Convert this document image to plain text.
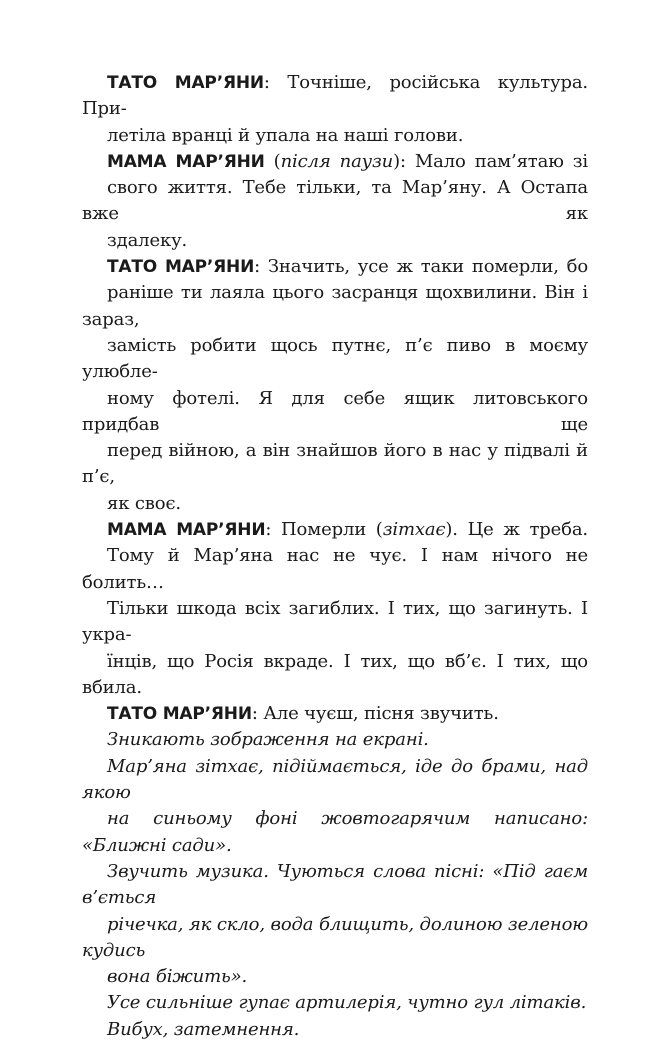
ТАТО МАР’ЯНИ: Точніше, російська культура. При-
летіла вранці й упала на наші голови.

МАМА МАР’ЯНИ (після паузи): Мало пам’ятаю зі
свого життя. Тебе тільки, та Мар’яну. А Остапа вже як
здалеку.

ТАТО МАР’ЯНИ: Значить, усе ж таки померли, бо
раніше ти лаяла цього засранця щохвилини. Він і зараз,
замість робити щось путнє, п’є пиво в моєму улюбле-
ному фотелі. Я для себе ящик литовського придбав ще
перед війною, а він знайшов його в нас у підвалі й п’є,
як своє.

МАМА МАР’ЯНИ: Померли (зітхає). Це ж треба.
Тому й Мар’яна нас не чує. І нам нічого не болить…
Тільки шкода всіх загиблих. І тих, що загинуть. І укра-
їнців, що Росія вкраде. І тих, що вб’є. І тих, що вбила.

ТАТО МАР’ЯНИ: Але чуєш, пісня звучить.

Зникають зображення на екрані.

Мар’яна зітхає, підіймається, іде до брами, над якою
на синьому фоні жовтогарячим написано: «Ближні сади».

Звучить музика. Чуються слова пісні: «Під гаєм в’ється
річечка, як скло, вода блищить, долиною зеленою кудись
вона біжить».

Усе сильніше гупає артилерія, чутно гул літаків.

Вибух, затемнення.
